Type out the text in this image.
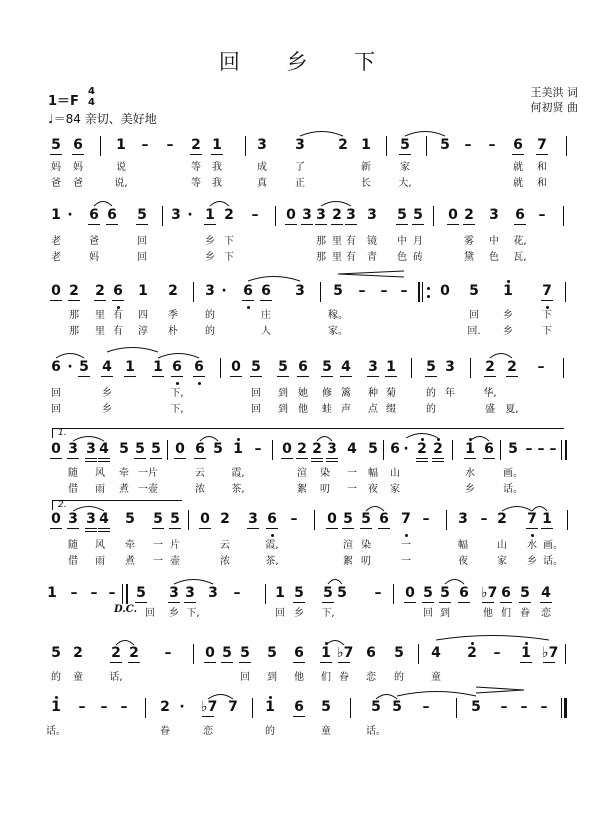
回 乡 下
王美洪 词
何初贤 曲
1＝F
4
4
♩＝84 亲切、美好地
5 6 1 – – 2 1	3 3 2 1 5 5 – – 6 7
妈	妈	说	等	我	成	了	新	家	就	和
爸	爸	说,	等	我	真	正	长	大,	就	和
1 ·	6 6 5 3 · 1 2 – 0 3 3 2 3 3 5 5 0 2 3 6 –
老	爸	回	乡 下	那 里 有	镜	中 月	雾	中	花,
老	妈	回	乡 下	那 里 有	青	色 砖	黛	色	瓦,
0 2 2 6 1 2 3 ·	6 6 3 5 – – – 0 5 1 7
那	里 有	四	季	的	庄	稼。	回	乡	下
那	里 有	淳	朴	的	人	家。	回.	乡	下
6 · 5 4 1 1 6 6 0 5 5 6 5 4 3 1 5 3 2 2 –
回	乡	下,	回	到	她	修 篱	种 菊	的 年	华,
回	乡	下,	回	到	他	蛙 声	点 缀	的	盛	夏,
1.
0 3 3 4 5 5 5 0 6 5 1 – 0 2 2 3 4 5 6 · 2 2 1 6 5 – – –
随	风	牵 一片	云	霞,	渲	染	一	幅	山	水	画。
借	雨	煮 一壶	浓	茶,	絮	叨	一	夜	家	乡	话。
2.
0 3 3 4 5 5 5 0 2 3 6 – 0 5 5 6 7 – 3 – 2 7 1
随	风	牵	一 片	云	霞,	渲 染	一	幅	山	水 画。
借	雨	煮	一 壶	浓	茶,	絮 叨	一	夜	家	乡 话。
1 – – – 5 3 3 3 – 1 5 5 5 – 0 5 5 6 ♭7 6 5 4
D.C. 回	乡 下,	回 乡	下,	回 到	他 们 眷	恋
5 2 2 2 – 0 5 5 5 6 1 ♭7 6 5 4 2 – 1 ♭7
的	童	话,	回	到	他	们 眷	恋	的	童
1 – – – 2 ·	♭7 7 1 6 5	5 5 –	5 – – –
话。	眷	恋	的	童	话。
